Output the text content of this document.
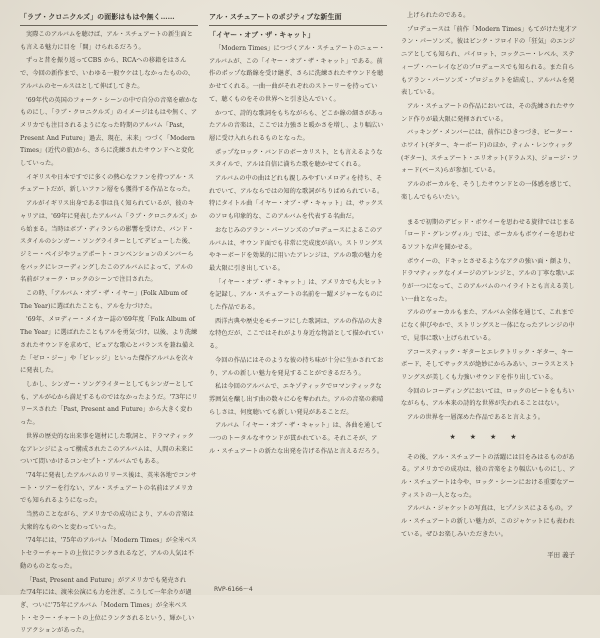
「ラブ・クロニクルズ」の面影はもはや無く……

実際このアルバムを聴けば、アル・スチュアートの新生面と も言える魅力に目を「開」けられるだろう。

ずっと昔を振り返ってCBS から、RCAへの移籍をはさんで、今回の新作まで、いわゆる一般ウケはしなかったものの、アルバムのセールスはとして伸ばしてきた。

'69年代の英国のフォーク・シーンの中で自分の音楽を確かなものにし、「ラブ・クロニクルズ」のイメージはもはや無く、アメリカでも注目されるようになった時期のアルバム「Past, Present And Future」過去、現在、未来」つづく「Modern Times」(近代の旅)から、さらに洗練されたサウンドへと変化していった。

イギリスや日本ですでに多くの熱心なファンを持つアル・スチュアートだが、新しいファン層をも獲得する作品となった。

アルがイギリス出身である事は良く知られているが、彼のキャリアは、'69年に発表したアルバム「ラブ・クロニクルズ」から始まる。当時はボブ・ディランらの影響を受けた、バンド・スタイルのシンガー・ソングライターとしてデビューした後、ジミー・ペイジやフェアポート・コンベンションのメンバーらをバックにレコーディングしたこのアルバムによって、アルの名前がフォーク・ロックのシーンで注目された。

この時、「アルバム・オブ・ザ・イヤー」(Folk Album of The Year)に選ばれたことも、アルを力づけた。

'69年、メロディー・メイカー誌の'69年度「Folk Album of The Year」に選ばれたこともアルを勇気づけ、以後、より洗練されたサウンドを求めて、ピュアな歌心とバランスを兼ね備えた「ゼロ・ジー」や「ビレッジ」といった傑作アルバムを次々に発表した。

しかし、シンガー・ソングライターとしてもシンガーとしても、アルが心から満足するものではなかったようだ。'73年にリリースされた「Past, Present and Future」から大きく変わった。

世界の歴史的な出来事を題材にした歌詞と、ドラマティックなアレンジによって構成されたこのアルバムは、人間の未来について問いかけるコンセプト・アルバムでもある。

'74年に発表したアルバムのリリース後は、英米各地でコンサート・ツアーを行ない、アル・スチュアートの名前はアメリカでも知られるようになった。

当然のことながら、アメリカでの成功により、アルの音楽は大衆的なものへと変わっていった。

'74年には、'75年のアルバム「Modern Times」が全米ベストセラーチャートの上位にランクされるなど、アルの人気は不動のものとなった。

「Past, Present and Future」がアメリカでも発売された'74年には、渡米公演にも力を注ぎ、こうして一年余りが過ぎ、ついに'75年にアルバム「Modern Times」が全米ベスト・セラー・チャートの上位にランクされるという、輝かしいリアクションがあった。

アル・スチュアートのポジティブな新生面
「イヤー・オブ・ザ・キャット」

「Modern Times」につづくアル・スチュアートのニュー・アルバムが、この「イヤー・オブ・ザ・キャット」である。前作のポップな路線を受け継ぎ、さらに洗練されたサウンドを聴かせてくれる。一曲一曲がそれぞれのストーリーを持っていて、聴くものをその世界へと引き込んでいく。

かつて、詩的な歌詞をもちながらも、どこか線の細さがあったアルの音楽は、ここでは力強さと暖かさを増し、より幅広い層に受け入れられるものとなった。

ポップなロック・バンドのボーカリスト、とも言えるようなスタイルで、アルは自信に満ちた歌を聴かせてくれる。

アルバムの中の曲はどれも親しみやすいメロディを持ち、それでいて、アルならではの知的な歌詞がちりばめられている。特にタイトル曲「イヤー・オブ・ザ・キャット」は、サックスのソロも印象的な、このアルバムを代表する名曲だ。

おなじみのアラン・パーソンズのプロデュースによるこのアルバムは、サウンド面でも非常に完成度が高い。ストリングスやキーボードを効果的に用いたアレンジは、アルの歌の魅力を最大限に引き出している。

「イヤー・オブ・ザ・キャット」は、アメリカでも大ヒットを記録し、アル・スチュアートの名前を一躍メジャーなものにした作品である。

西洋古典や歴史をモチーフにした歌詞は、アルの作品の大きな特色だが、ここではそれがより身近な物語として描かれている。

今回の作品にはそのような彼の持ち味が十分に生かされており、アルの新しい魅力を発見することができるだろう。

私は今回のアルバムで、エキゾティックでロマンティックな雰囲気を醸し出す曲の数々に心を奪われた。アルの音楽の素晴らしさは、何度聴いても新しい発見があることだ。

アルバム「イヤー・オブ・ザ・キャット」は、各曲を通して一つのトータルなサウンドが貫かれている。それこそが、アル・スチュアートの新たな出発を告げる作品と言えるだろう。

上げられたのである。

プロデュースは「前作「Modern Times」もてがけた鬼才アラン・パーソンズ。彼はピンク・フロイドの「狂気」のエンジニアとしても知られ、パイロット、コックニー・レベル、スティーブ・ハーレイなどのプロデュースでも知られる。また自らもアラン・パーソンズ・プロジェクトを結成し、アルバムを発表している。

アル・スチュアートの作品においては、その洗練されたサウンド作りが最大限に発揮されている。

バッキング・メンバーには、前作にひきつづき、ピーター・ホワイト(ギター、キーボード)のほか、ティム・レンウィック(ギター)、スチュアート・エリオット(ドラムス)、ジョージ・フォード(ベース)らが参加している。

アルのボーカルを、そうしたサウンドとの一体感を感じて、楽しんでもらいたい。

まるで初期のデビッド・ボウイーを思わせる旋律ではじまる「ロード・グレンヴィル」では、ボーカルもボウイーを思わせるソフトな声を聞かせる。

ボウイーの、ドキッとさせるようなアクの強い面・顔より、ドラマティックなイメージのアレンジと、アルの丁寧な歌いぶりが一つになって、このアルバムのハイライトとも言える美しい一曲となった。

アルのヴォーカルもまた、アルバム全体を通じて、これまでになく伸びやかで、ストリングスと一体になったアレンジの中で、見事に歌い上げられている。

アコースティック・ギターとエレクトリック・ギター、キーボード、そしてサックスが絶妙にからみあい、コーラスとストリングスが美しくも力強いサウンドを作り出している。

今回のレコーディングにおいては、ロックのビートをもちいながらも、アル本来の詩的な世界が失われることはない。

アルの世界を一層深めた作品であると言えよう。

★★★★

その後、アル・スチュアートの活躍には目をみはるものがある。アメリカでの成功は、彼の音楽をより幅広いものにし、アル・スチュアートは今や、ロック・シーンにおける重要なアーティストの一人となった。

アルバム・ジャケットの写真は、ヒプノシスによるもの。アル・スチュアートの新しい魅力が、このジャケットにも表われている。ぜひお楽しみいただきたい。

平田 義子
RVP-6166～4
